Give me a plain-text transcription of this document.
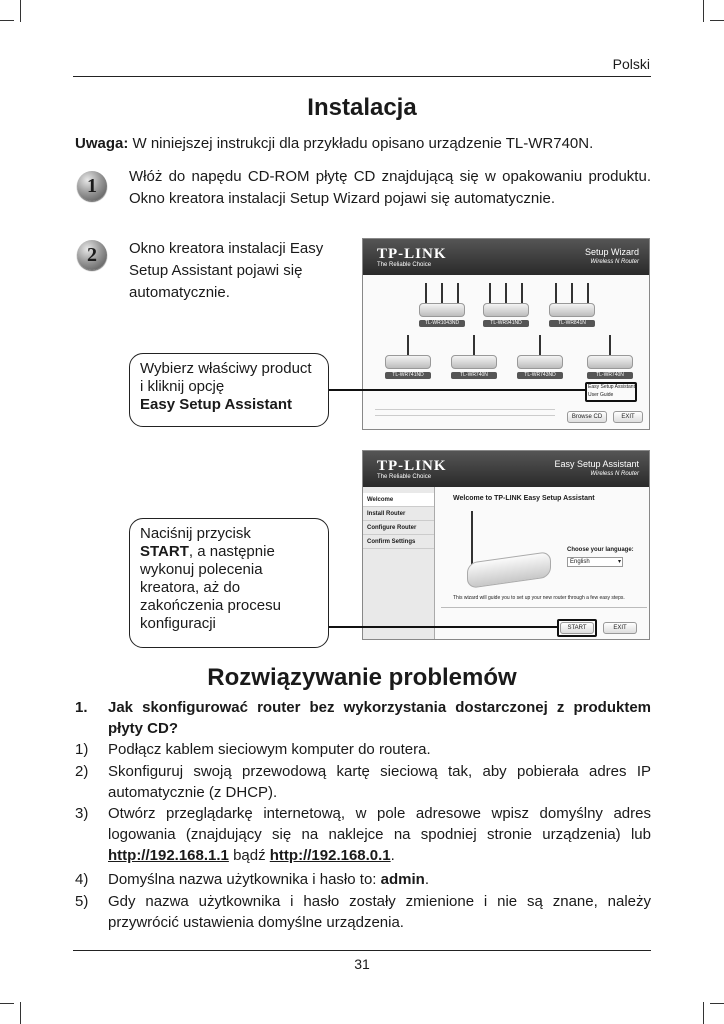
Polski
Instalacja
Uwaga: W niniejszej instrukcji dla przykładu opisano urządzenie TL-WR740N.
1	Włóż do napędu CD-ROM płytę CD znajdującą się w opakowaniu produktu. Okno kreatora instalacji Setup Wizard pojawi się automatycznie.
2	Okno kreatora instalacji Easy Setup Assistant pojawi się automatycznie.
TP-LINK
The Reliable Choice
Setup Wizard
Wireless N Router
TL-WR1043ND	TL-WR941ND	TL-WR841N
TL-WR741ND	TL-WR740N	TL-WR743ND	TL-WR740N
Easy Setup Assistant
User Guide
Browse CD	EXIT
Wybierz właściwy product i kliknij opcję
Easy Setup Assistant
TP-LINK
The Reliable Choice
Easy Setup Assistant
Wireless N Router
Welcome
Install Router
Configure Router
Confirm Settings
Welcome to TP-LINK Easy Setup Assistant
Choose your language:
English	▾
This wizard will guide you to set up your new router through a few easy steps.
START	EXIT
Naciśnij przycisk
START, a następnie wykonuj polecenia kreatora, aż do zakończenia procesu konfiguracji
Rozwiązywanie problemów
1. Jak skonfigurować router bez wykorzystania dostarczonej z produktem płyty CD?
1) Podłącz kablem sieciowym komputer do routera.
2) Skonfiguruj swoją przewodową kartę sieciową tak, aby pobierała adres IP automatycznie (z DHCP).
3) Otwórz przeglądarkę internetową, w pole adresowe wpisz domyślny adres logowania (znajdujący się na naklejce na spodniej stronie urządzenia) lub http://192.168.1.1 bądź http://192.168.0.1.
4) Domyślna nazwa użytkownika i hasło to: admin.
5) Gdy nazwa użytkownika i hasło zostały zmienione i nie są znane, należy przywrócić ustawienia domyślne urządzenia.
31
